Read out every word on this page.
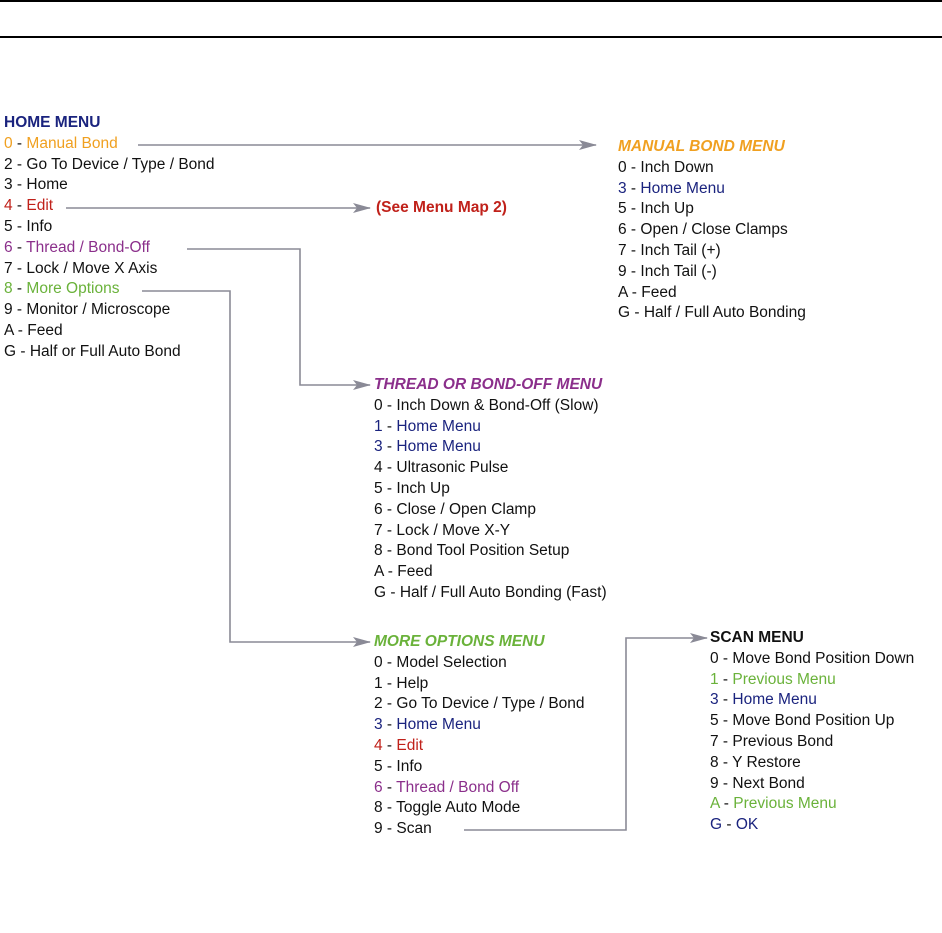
(See Menu Map 2)
HOME MENU
0 - Manual Bond
2 - Go To Device / Type / Bond
3 - Home
4 - Edit
5 - Info
6 - Thread / Bond-Off
7 - Lock / Move X Axis
8 - More Options
9 - Monitor / Microscope
A - Feed
G - Half or Full Auto Bond
MANUAL BOND MENU
0 - Inch Down
3 - Home Menu
5 - Inch Up
6 - Open / Close Clamps
7 - Inch Tail (+)
9 - Inch Tail (-)
A - Feed
G - Half / Full Auto Bonding
THREAD OR BOND-OFF MENU
0 - Inch Down & Bond-Off (Slow)
1 - Home Menu
3 - Home Menu
4 - Ultrasonic Pulse
5 - Inch Up
6 - Close / Open Clamp
7 - Lock / Move X-Y
8 - Bond Tool Position Setup
A - Feed
G - Half / Full Auto Bonding (Fast)
MORE OPTIONS MENU
0 - Model Selection
1 - Help
2 - Go To Device / Type / Bond
3 - Home Menu
4 - Edit
5 - Info
6 - Thread / Bond Off
8 - Toggle Auto Mode
9 - Scan
SCAN MENU
0 - Move Bond Position Down
1 - Previous Menu
3 - Home Menu
5 - Move Bond Position Up
7 - Previous Bond
8 - Y Restore
9 - Next Bond
A - Previous Menu
G - OK
